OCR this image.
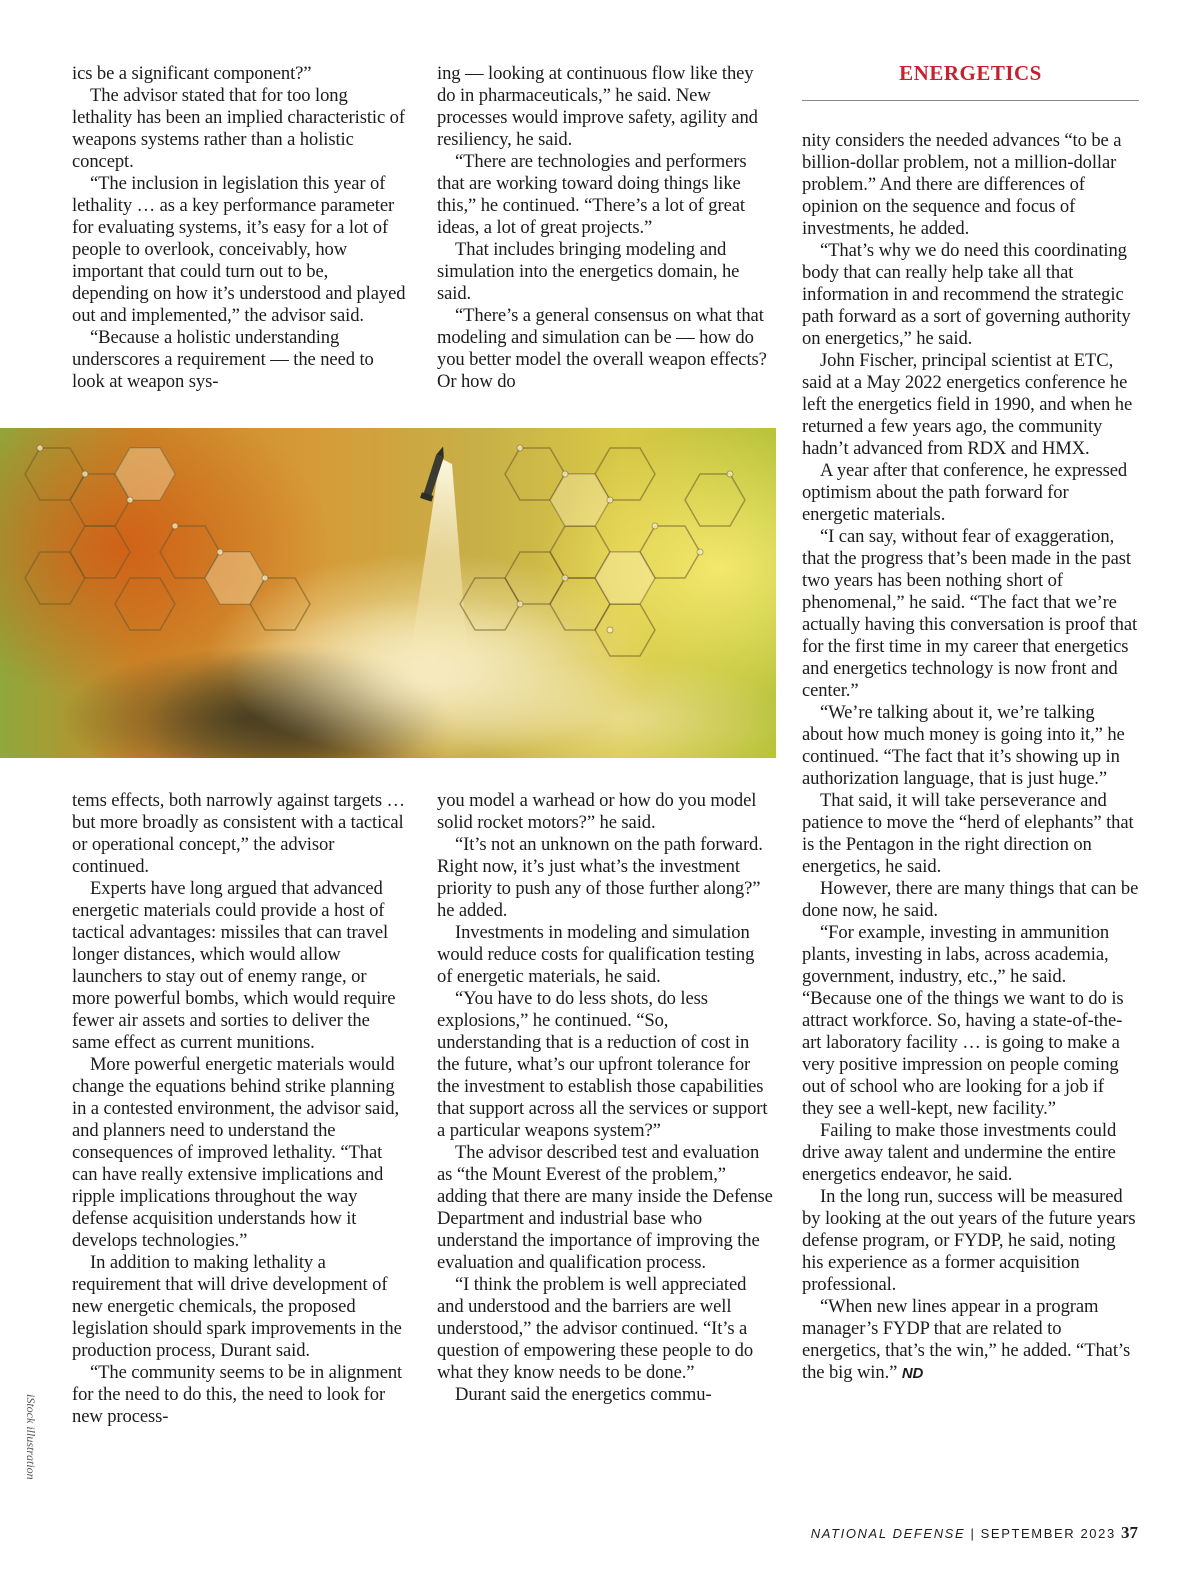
ics be a significant component?”

The advisor stated that for too long lethality has been an implied characteristic of weapons systems rather than a holistic concept.

“The inclusion in legislation this year of lethality … as a key performance parameter for evaluating systems, it’s easy for a lot of people to overlook, conceivably, how important that could turn out to be, depending on how it’s understood and played out and implemented,” the advisor said.

“Because a holistic understanding underscores a requirement — the need to look at weapon sys-

ing — looking at continuous flow like they do in pharmaceuticals,” he said. New processes would improve safety, agility and resiliency, he said.

“There are technologies and performers that are working toward doing things like this,” he continued. “There’s a lot of great ideas, a lot of great projects.”

That includes bringing modeling and simulation into the energetics domain, he said.

“There’s a general consensus on what that modeling and simulation can be — how do you better model the overall weapon effects? Or how do

ENERGETICS

tems effects, both narrowly against targets … but more broadly as consistent with a tactical or operational concept,” the advisor continued.

Experts have long argued that advanced energetic materials could provide a host of tactical advantages: missiles that can travel longer distances, which would allow launchers to stay out of enemy range, or more powerful bombs, which would require fewer air assets and sorties to deliver the same effect as current munitions.

More powerful energetic materials would change the equations behind strike planning in a contested environment, the advisor said, and planners need to understand the consequences of improved lethality. “That can have really extensive implications and ripple implications throughout the way defense acquisition understands how it develops technologies.”

In addition to making lethality a requirement that will drive development of new energetic chemicals, the proposed legislation should spark improvements in the production process, Durant said.

“The community seems to be in alignment for the need to do this, the need to look for new process-

you model a warhead or how do you model solid rocket motors?” he said.

“It’s not an unknown on the path forward. Right now, it’s just what’s the investment priority to push any of those further along?” he added.

Investments in modeling and simulation would reduce costs for qualification testing of energetic materials, he said.

“You have to do less shots, do less explosions,” he continued. “So, understanding that is a reduction of cost in the future, what’s our upfront tolerance for the investment to establish those capabilities that support across all the services or support a particular weapons system?”

The advisor described test and evaluation as “the Mount Everest of the problem,” adding that there are many inside the Defense Department and industrial base who understand the importance of improving the evaluation and qualification process.

“I think the problem is well appreciated and understood and the barriers are well understood,” the advisor continued. “It’s a question of empowering these people to do what they know needs to be done.”

Durant said the energetics commu-

nity considers the needed advances “to be a billion-dollar problem, not a million-dollar problem.” And there are differences of opinion on the sequence and focus of investments, he added.

“That’s why we do need this coordinating body that can really help take all that information in and recommend the strategic path forward as a sort of governing authority on energetics,” he said.

John Fischer, principal scientist at ETC, said at a May 2022 energetics conference he left the energetics field in 1990, and when he returned a few years ago, the community hadn’t advanced from RDX and HMX.

A year after that conference, he expressed optimism about the path forward for energetic materials.

“I can say, without fear of exaggeration, that the progress that’s been made in the past two years has been nothing short of phenomenal,” he said. “The fact that we’re actually having this conversation is proof that for the first time in my career that energetics and energetics technology is now front and center.”

“We’re talking about it, we’re talking about how much money is going into it,” he continued. “The fact that it’s showing up in authorization language, that is just huge.”

That said, it will take perseverance and patience to move the “herd of elephants” that is the Pentagon in the right direction on energetics, he said.

However, there are many things that can be done now, he said.

“For example, investing in ammunition plants, investing in labs, across academia, government, industry, etc.,” he said. “Because one of the things we want to do is attract workforce. So, having a state-of-the-art laboratory facility … is going to make a very positive impression on people coming out of school who are looking for a job if they see a well-kept, new facility.”

Failing to make those investments could drive away talent and undermine the entire energetics endeavor, he said.

In the long run, success will be measured by looking at the out years of the future years defense program, or FYDP, he said, noting his experience as a former acquisition professional.

“When new lines appear in a program manager’s FYDP that are related to energetics, that’s the win,” he added. “That’s the big win.” ND

iStock illustration
NATIONAL DEFENSE | SEPTEMBER 2023 37
